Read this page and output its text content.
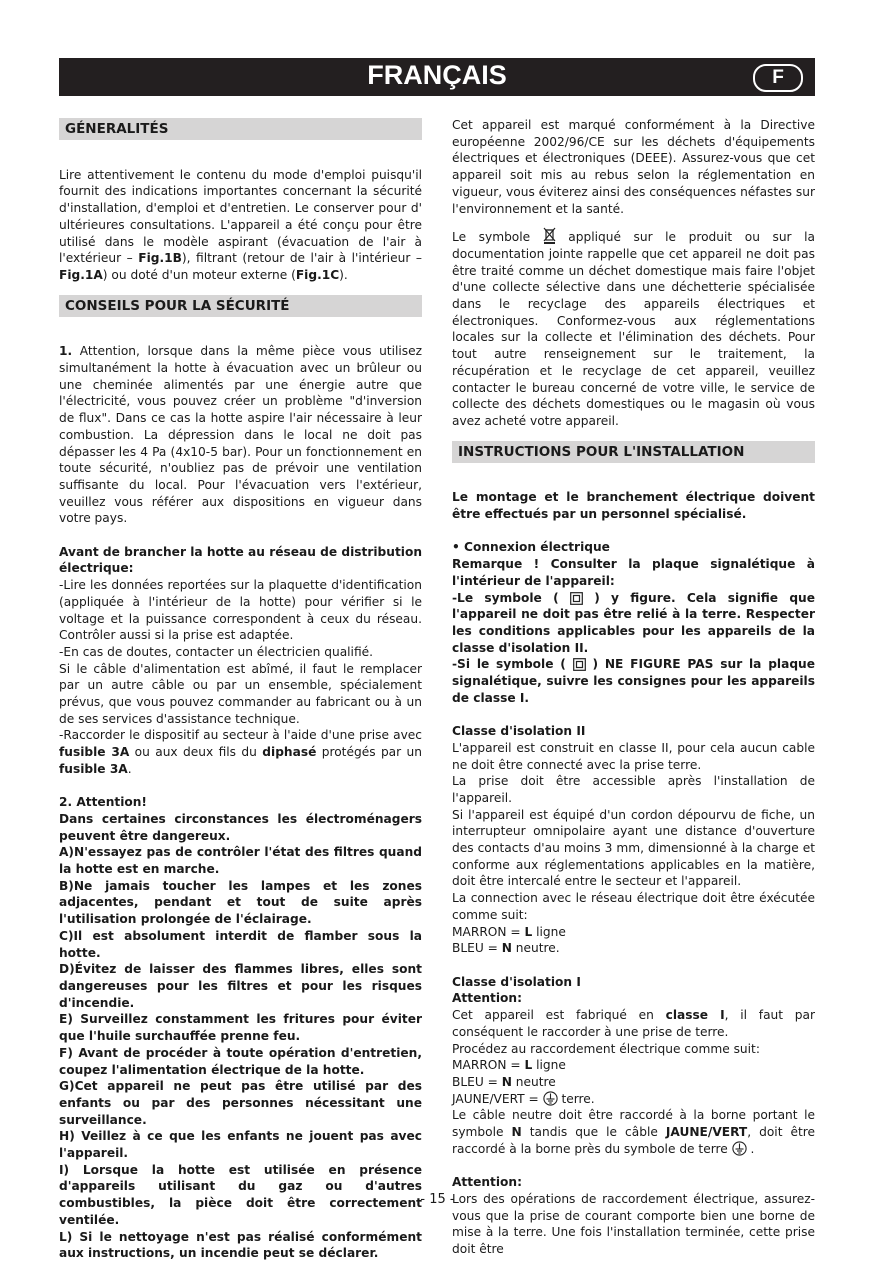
FRANÇAIS	F
GÉNERALITÉS

Lire attentivement le contenu du mode d'emploi puisqu'il fournit des indications importantes concernant la sécurité d'installation, d'emploi et d'entretien. Le conserver pour d' ultérieures consultations. L'appareil a été conçu pour être utilisé dans le modèle aspirant (évacuation de l'air à l'extérieur – Fig.1B), filtrant (retour de l'air à l'intérieur – Fig.1A) ou doté d'un moteur externe (Fig.1C).

CONSEILS POUR LA SÉCURITÉ

1. Attention, lorsque dans la même pièce vous utilisez simultanément la hotte à évacuation avec un brûleur ou une cheminée alimentés par une énergie autre que l'électricité, vous pouvez créer un problème "d'inversion de flux". Dans ce cas la hotte aspire l'air nécessaire à leur combustion. La dépression dans le local ne doit pas dépasser les 4 Pa (4x10-5 bar). Pour un fonctionnement en toute sécurité, n'oubliez pas de prévoir une ventilation suffisante du local. Pour l'évacuation vers l'extérieur, veuillez vous référer aux dispositions en vigueur dans votre pays.

Avant de brancher la hotte au réseau de distribution électrique:

-Lire les données reportées sur la plaquette d'identification (appliquée à l'intérieur de la hotte) pour vérifier si le voltage et la puissance correspondent à ceux du réseau. Contrôler aussi si la prise est adaptée.

-En cas de doutes, contacter un électricien qualifié.

Si le câble d'alimentation est abîmé, il faut le remplacer par un autre câble ou par un ensemble, spécialement prévus, que vous pouvez commander au fabricant ou à un de ses services d'assistance technique.

-Raccorder le dispositif au secteur à l'aide d'une prise avec fusible 3A ou aux deux fils du diphasé protégés par un fusible 3A.

2. Attention!

Dans certaines circonstances les électroménagers peuvent être dangereux.

A)N'essayez pas de contrôler l'état des filtres quand la hotte est en marche.

B)Ne jamais toucher les lampes et les zones adjacentes, pendant et tout de suite après l'utilisation prolongée de l'éclairage.

C)Il est absolument interdit de flamber sous la hotte.

D)Évitez de laisser des flammes libres, elles sont dangereuses pour les filtres et pour les risques d'incendie.

E) Surveillez constamment les fritures pour éviter que l'huile surchauffée prenne feu.

F) Avant de procéder à toute opération d'entretien, coupez l'alimentation électrique de la hotte.

G)Cet appareil ne peut pas être utilisé par des enfants ou par des personnes nécessitant une surveillance.

H) Veillez à ce que les enfants ne jouent pas avec l'appareil.

I) Lorsque la hotte est utilisée en présence d'appareils utilisant du gaz ou d'autres combustibles, la pièce doit être correctement ventilée.

L) Si le nettoyage n'est pas réalisé conformément aux instructions, un incendie peut se déclarer.

Cet appareil est marqué conformément à la Directive européenne 2002/96/CE sur les déchets d'équipements électriques et électroniques (DEEE). Assurez-vous que cet appareil soit mis au rebus selon la réglementation en vigueur, vous éviterez ainsi des conséquences néfastes sur l'environnement et la santé.

Le symbole  appliqué sur le produit ou sur la documentation jointe rappelle que cet appareil ne doit pas être traité comme un déchet domestique mais faire l'objet d'une collecte sélective dans une déchetterie spécialisée dans le recyclage des appareils électriques et électroniques. Conformez-vous aux réglementations locales sur la collecte et l'élimination des déchets. Pour tout autre renseignement sur le traitement, la récupération et le recyclage de cet appareil, veuillez contacter le bureau concerné de votre ville, le service de collecte des déchets domestiques ou le magasin où vous avez acheté votre appareil.

INSTRUCTIONS POUR L'INSTALLATION

Le montage et le branchement électrique doivent être effectués par un personnel spécialisé.

• Connexion électrique

Remarque ! Consulter la plaque signalétique à l'intérieur de l'appareil:

-Le symbole (  ) y figure. Cela signifie que l'appareil ne doit pas être relié à la terre. Respecter les conditions applicables pour les appareils de la classe d'isolation II.

-Si le symbole (  ) NE FIGURE PAS sur la plaque signalétique, suivre les consignes pour les appareils de classe I.

Classe d'isolation II

L'appareil est construit en classe II, pour cela aucun cable ne doit être connecté avec la prise terre.

La prise doit être accessible après l'installation de l'appareil.

Si l'appareil est équipé d'un cordon dépourvu de fiche, un interrupteur omnipolaire ayant une distance d'ouverture des contacts d'au moins 3 mm, dimensionné à la charge et conforme aux réglementations applicables en la matière, doit être intercalé entre le secteur et l'appareil.

La connection avec le réseau électrique doit être éxécutée comme suit:

MARRON = L ligne

BLEU = N neutre.

Classe d'isolation I

Attention:

Cet appareil est fabriqué en classe I, il faut par conséquent le raccorder à une prise de terre.

Procédez au raccordement électrique comme suit:

MARRON = L ligne

BLEU = N neutre

JAUNE/VERT =  terre.

Le câble neutre doit être raccordé à la borne portant le symbole N tandis que le câble JAUNE/VERT, doit être raccordé à la borne près du symbole de terre  .

Attention:

Lors des opérations de raccordement électrique, assurez-vous que la prise de courant comporte bien une borne de mise à la terre. Une fois l'installation terminée, cette prise doit être

- 15 -
